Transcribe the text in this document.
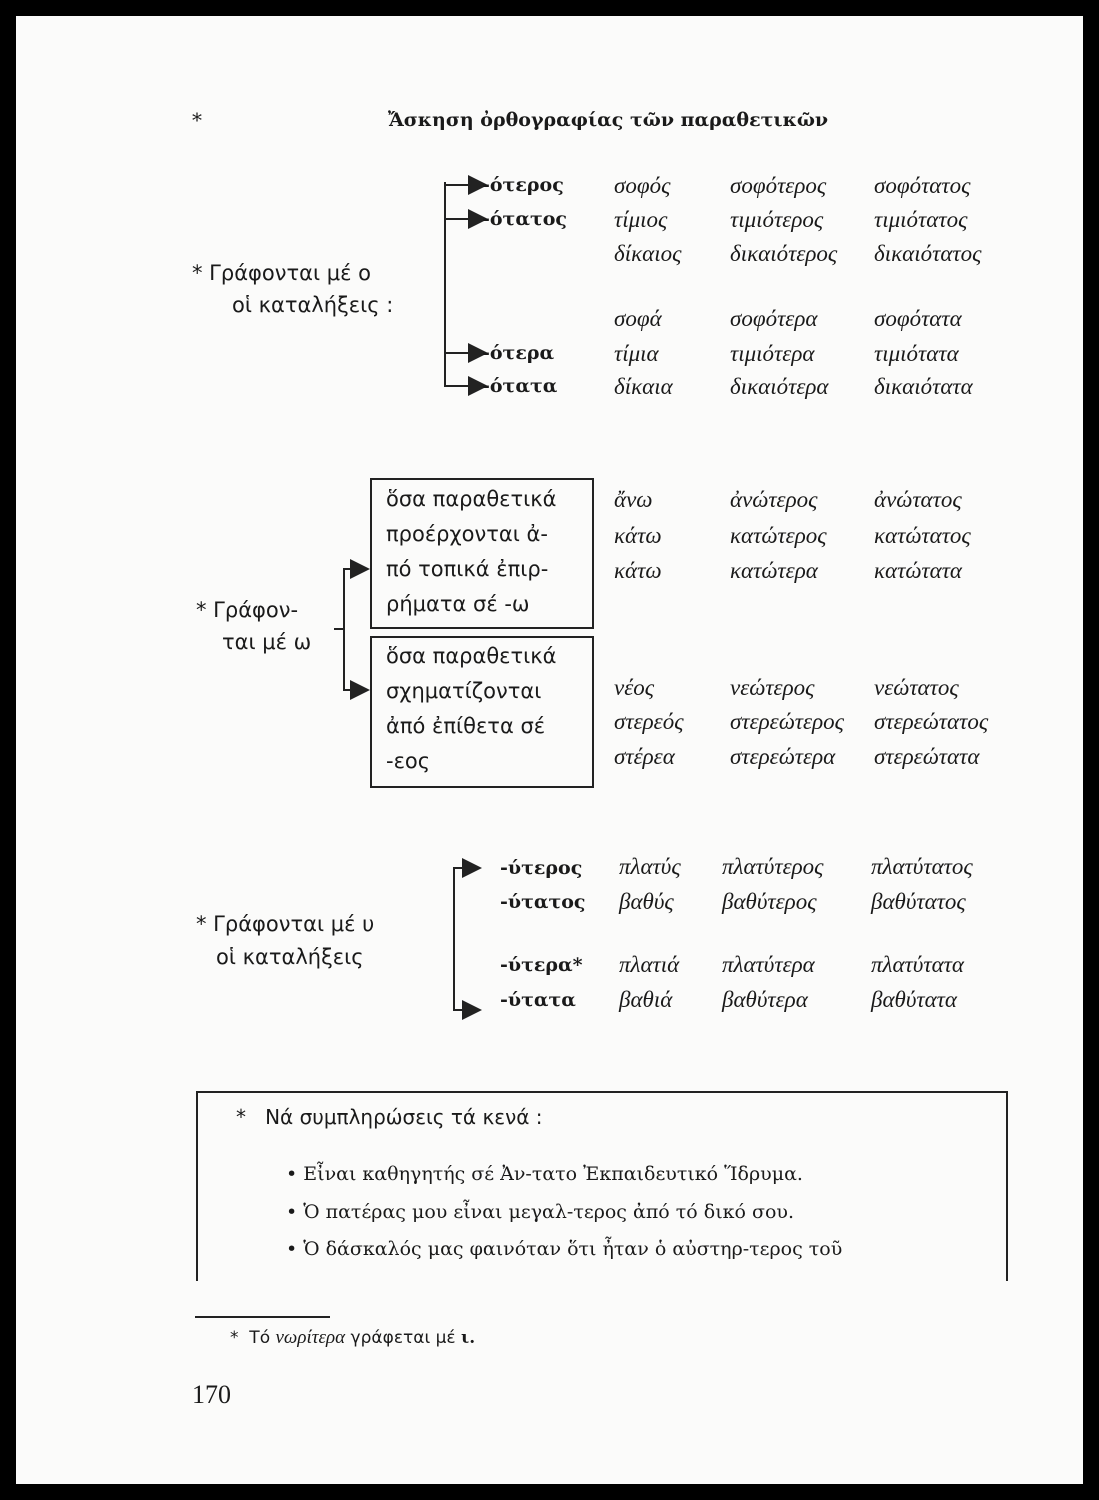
*	Ἄσκηση ὀρθογραφίας τῶν παραθετικῶν
* Γράφονται μέ ο
οἱ καταλήξεις :
-ότερος
-ότατος
-ότερα
-ότατα
σοφός	σοφότερος σοφότατος
τίμιος	τιμιότερος τιμιότατος
δίκαιος δικαιότερος δικαιότατος
σοφά	σοφότερα σοφότατα
τίμια	τιμιότερα	τιμιότατα
δίκαια δικαιότερα δικαιότατα
* Γράφον-
ται μέ ω
ὅσα παραθετικά
προέρχονται ἀ-
πό τοπικά ἐπιρ-
ρήματα σέ -ω
ὅσα παραθετικά
σχηματίζονται
ἀπό ἐπίθετα σέ
-εος
ἄνω	ἀνώτερος ἀνώτατος
κάτω	κατώτερος κατώτατος
κάτω	κατώτερα κατώτατα
νέος	νεώτερος	νεώτατος
στερεός στερεώτερος στερεώτατος
στέρεα στερεώτερα στερεώτατα
* Γράφονται μέ υ
οἱ καταλήξεις
-ύτερος
-ύτατος
-ύτερα*
-ύτατα
πλατύς πλατύτερος πλατύτατος
βαθύς βαθύτερος βαθύτατος
πλατιά πλατύτερα πλατύτατα
βαθιά βαθύτερα	βαθύτατα
*   Νά συμπληρώσεις τά κενά :
• Εἶναι καθηγητής σέ Ἀν-τατο Ἐκπαιδευτικό Ἵδρυμα.
• Ὁ πατέρας μου εἶναι μεγαλ-τερος ἀπό τό δικό σου.
• Ὁ δάσκαλός μας φαινόταν ὅτι ἦταν ὁ αὐστηρ-τερος τοῦ
*  Τό νωρίτερα γράφεται μέ ι.
170
